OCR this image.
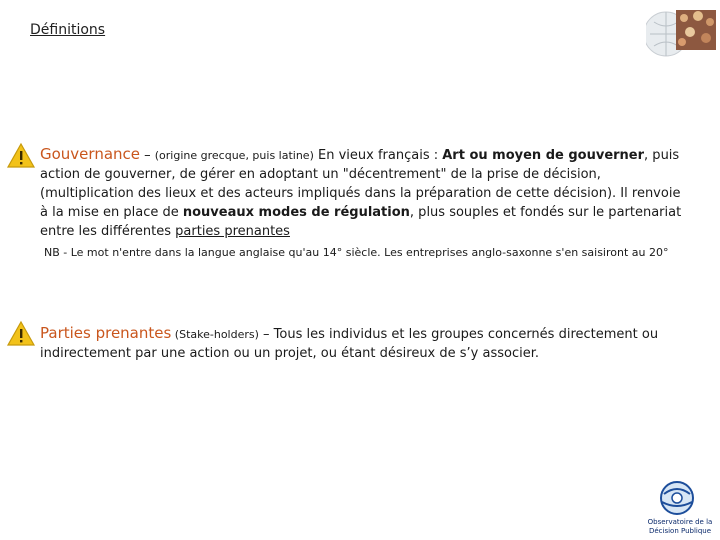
Définitions
Gouvernance – (origine grecque, puis latine) En vieux français : Art ou moyen de gouverner, puis action de gouverner, de gérer en adoptant un "décentrement" de la prise de décision, (multiplication des lieux et des acteurs impliqués dans la préparation de cette décision). Il renvoie à la mise en place de nouveaux modes de régulation, plus souples et fondés sur le partenariat entre les différentes parties prenantes
NB - Le mot n'entre dans la langue anglaise qu'au 14° siècle. Les entreprises anglo-saxonne s'en saisiront au 20°
Parties prenantes (Stake-holders) – Tous les individus et les groupes concernés directement ou indirectement par une action ou un projet, ou étant désireux de s’y associer.
Observatoire de la
Décision Publique
